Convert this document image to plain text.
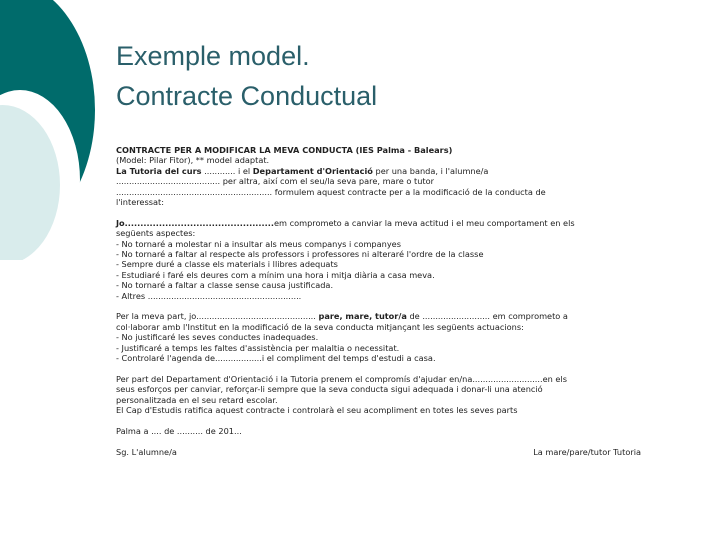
Exemple model.
Contracte Conductual

CONTRACTE PER A MODIFICAR LA MEVA CONDUCTA (IES Palma - Balears)

(Model: Pilar Fitor), ** model adaptat.

La Tutoria del curs ............ i el Departament d'Orientació per una banda, i l'alumne/a

........................................ per altra, així com el seu/la seva pare, mare o tutor

............................................................ formulem aquest contracte per a la modificació de la conducta de

l'interessat:

Jo................................................em comprometo a canviar la meva actitud i el meu comportament en els

següents aspectes:

- No tornaré a molestar ni a insultar als meus companys i companyes

- No tornaré a faltar al respecte als professors i professores ni alteraré l'ordre de la classe

- Sempre duré a classe els materials i llibres adequats

- Estudiaré i faré els deures com a mínim una hora i mitja diària a casa meva.

- No tornaré a faltar a classe sense causa justificada.

- Altres ...........................................................

Per la meva part, jo.............................................. pare, mare, tutor/a de .......................... em comprometo a

col·laborar amb l'Institut en la modificació de la seva conducta mitjançant les següents actuacions:

- No justificaré les seves conductes inadequades.

- Justificaré a temps les faltes d'assistència per malaltia o necessitat.

- Controlaré l'agenda de..................i el compliment del temps d'estudi a casa.

Per part del Departament d'Orientació i la Tutoria prenem el compromís d'ajudar en/na...........................en els

seus esforços per canviar, reforçar-li sempre que la seva conducta sigui adequada i donar-li una atenció

personalitzada en el seu retard escolar.

El Cap d'Estudis ratifica aquest contracte i controlarà el seu acompliment en totes les seves parts

Palma a .... de .......... de 201...

Sg. L'alumne/a	La mare/pare/tutor Tutoria
